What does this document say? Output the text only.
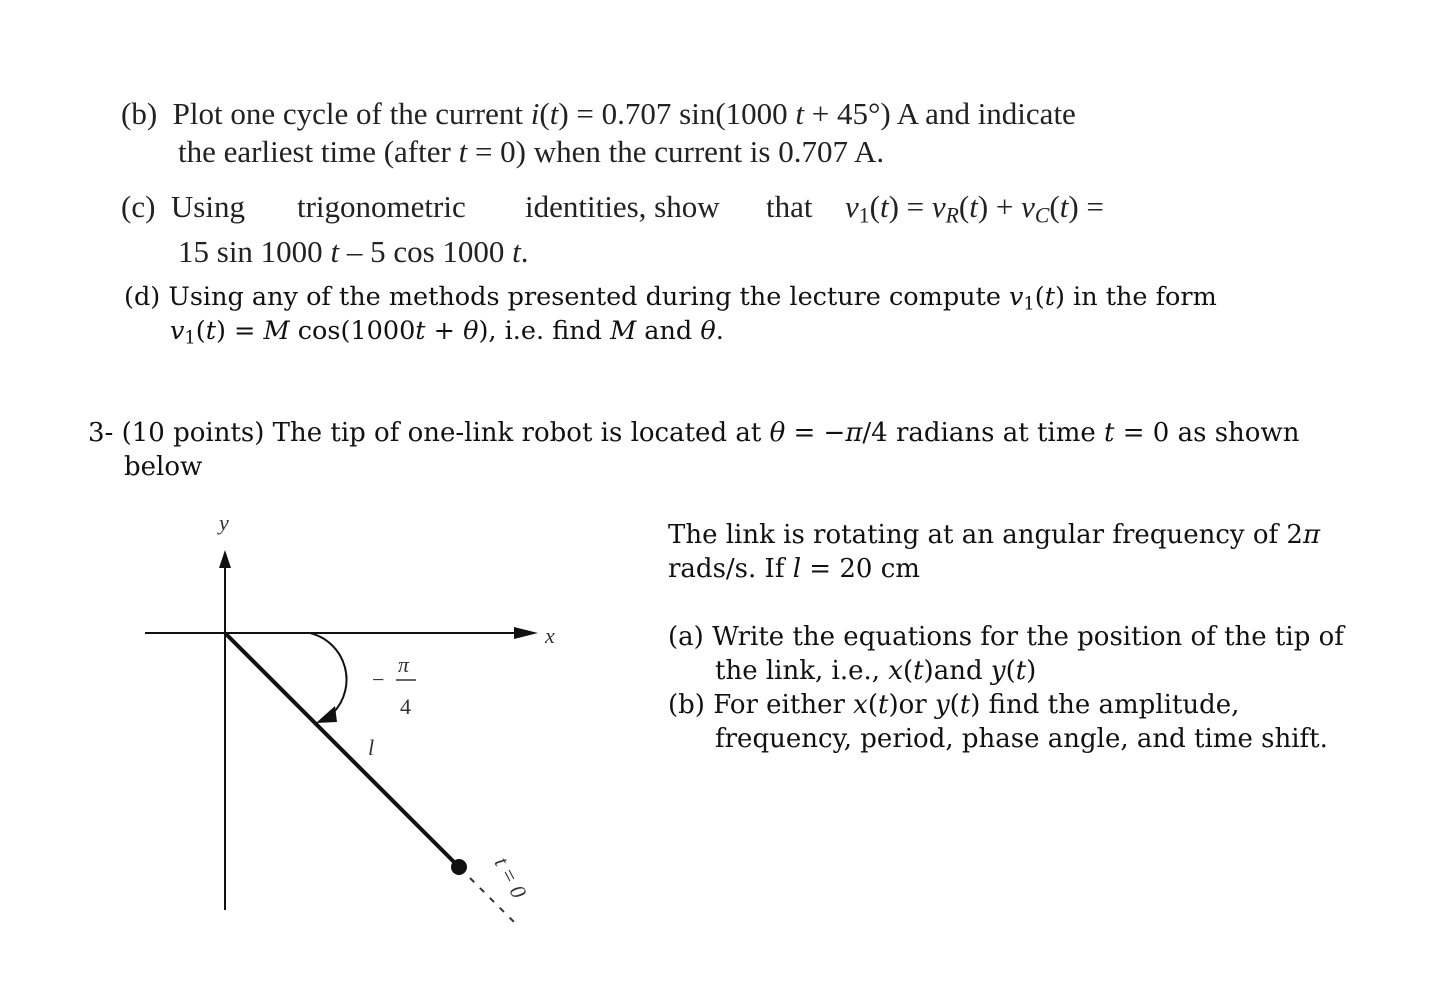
(b) Plot one cycle of the current i(t) = 0.707 sin(1000 t + 45°) A and indicate
the earliest time (after t = 0) when the current is 0.707 A.
(c) Using trigonometric identities, show that $v_1(t) = v_R(t) + v_C(t)$ =
15 sin 1000 t – 5 cos 1000 t.
(d) Using any of the methods presented during the lecture compute $v_1(t)$ in the form
$v_1(t) = M$ cos(1000t + θ), i.e. find M and θ.
3- (10 points) The tip of one-link robot is located at θ = −π/4 radians at time t = 0 as shown
below
y
x
−
π
4
l
t = 0
The link is rotating at an angular frequency of 2π
rads/s. If l = 20 cm
(a) Write the equations for the position of the tip of
the link, i.e., x(t)and y(t)
(b) For either x(t)or y(t) find the amplitude,
frequency, period, phase angle, and time shift.
